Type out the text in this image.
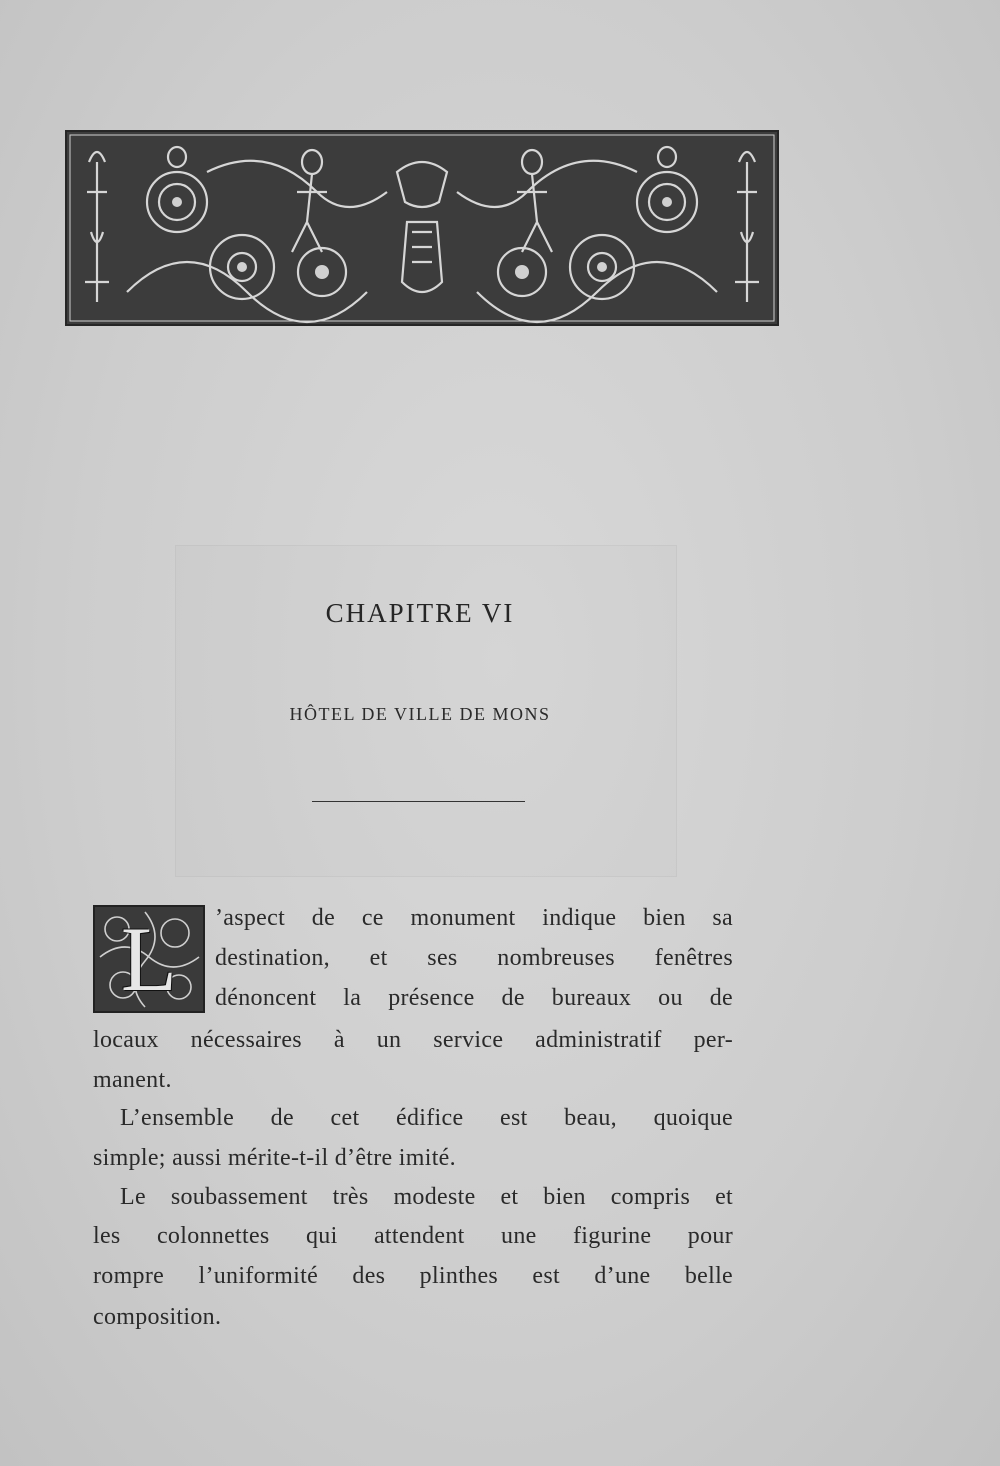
CHAPITRE VI
HÔTEL DE VILLE DE MONS
L	’aspect de ce monument indique bien sa
destination, et ses nombreuses fenêtres
dénoncent la présence de bureaux ou de
locaux nécessaires à un service administratif per-
manent.
L’ensemble de cet édifice est beau, quoique
simple; aussi mérite-t-il d’être imité.
Le soubassement très modeste et bien compris et
les colonnettes qui attendent une figurine pour
rompre l’uniformité des plinthes est d’une belle
composition.
